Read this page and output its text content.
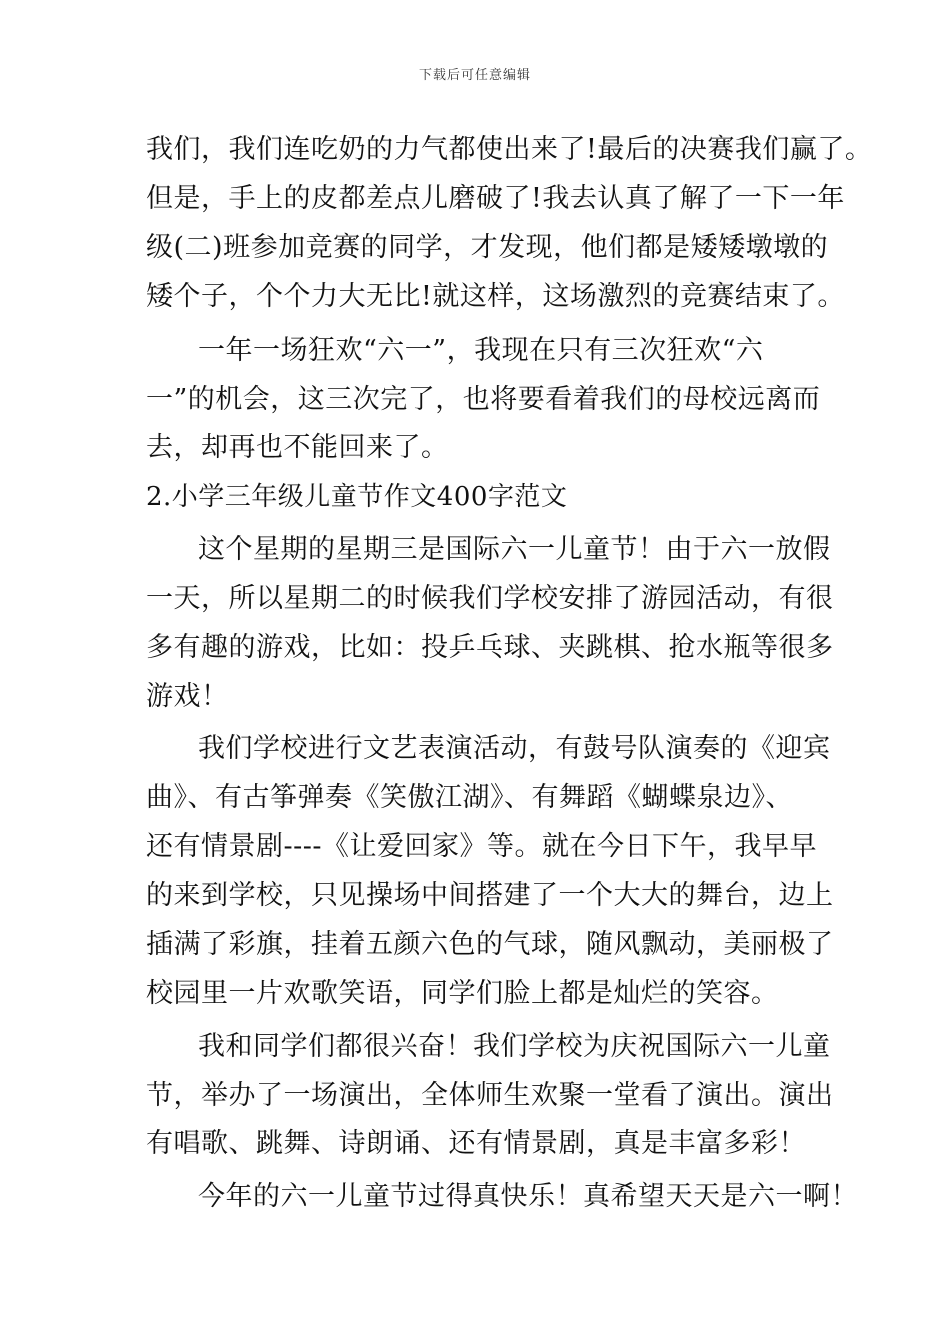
下载后可任意编辑
我们，我们连吃奶的力气都使出来了!最后的决赛我们赢了。
但是，手上的皮都差点儿磨破了!我去认真了解了一下一年
级(二)班参加竞赛的同学，才发现，他们都是矮矮墩墩的
矮个子，个个力大无比!就这样，这场激烈的竞赛结束了。
一年一场狂欢“六一”，我现在只有三次狂欢“六
一”的机会，这三次完了，也将要看着我们的母校远离而
去，却再也不能回来了。
2.小学三年级儿童节作文400字范文
这个星期的星期三是国际六一儿童节！由于六一放假
一天，所以星期二的时候我们学校安排了游园活动，有很
多有趣的游戏，比如：投乒乓球、夹跳棋、抢水瓶等很多
游戏！
我们学校进行文艺表演活动，有鼓号队演奏的《迎宾
曲》、有古筝弹奏《笑傲江湖》、有舞蹈《蝴蝶泉边》、
还有情景剧----《让爱回家》等。就在今日下午，我早早
的来到学校，只见操场中间搭建了一个大大的舞台，边上
插满了彩旗，挂着五颜六色的气球，随风飘动，美丽极了
校园里一片欢歌笑语，同学们脸上都是灿烂的笑容。
我和同学们都很兴奋！我们学校为庆祝国际六一儿童
节，举办了一场演出，全体师生欢聚一堂看了演出。演出
有唱歌、跳舞、诗朗诵、还有情景剧，真是丰富多彩！
今年的六一儿童节过得真快乐！真希望天天是六一啊！
